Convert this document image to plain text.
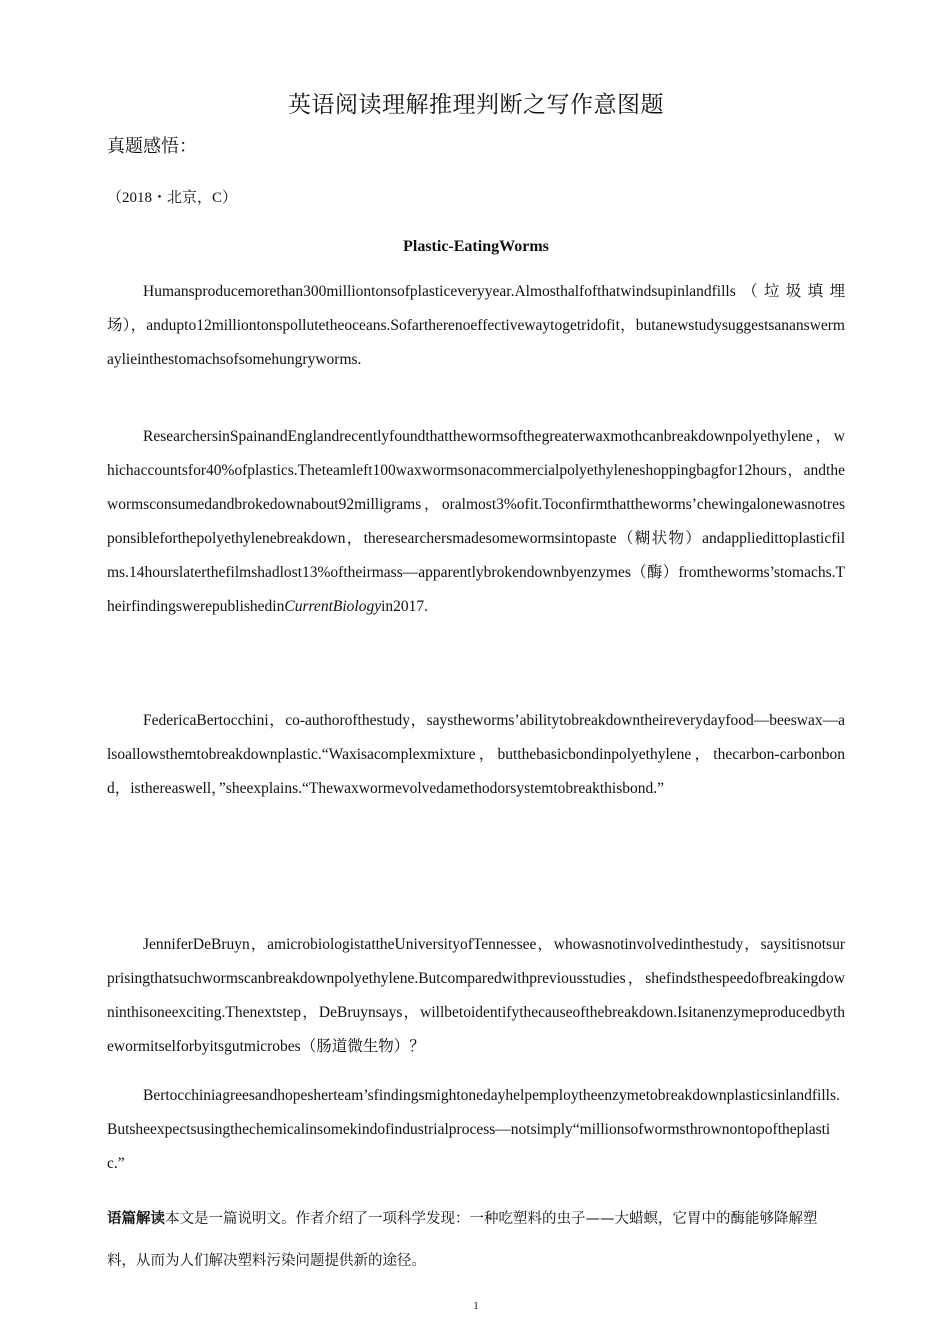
英语阅读理解推理判断之写作意图题
真题感悟：
（2018・北京，C）
Plastic-EatingWorms
Humansproducemorethan300milliontonsofplasticeveryyear.Almosthalfofthatwindsupinlandfills（垃圾填埋场），andupto12milliontonspollutetheoceans.Sofartherenoeffectivewaytogetridofit，butanewstudysuggestsananswermaylieinthestomachsofsomehungryworms.
ResearchersinSpainandEnglandrecentlyfoundthatthewormsofthegreaterwaxmothcanbreakdownpolyethylene，whichaccountsfor40%ofplastics.Theteamleft100waxwormsonacommercialpolyethyleneshoppingbagfor12hours，andthewormsconsumedandbrokedownabout92milligrams，oralmost3%ofit.Toconfirmthattheworms’chewingalonewasnotresponsibleforthepolyethylenebreakdown，theresearchersmadesomewormsintopaste（糊状物）andappliedittoplasticfilms.14hourslaterthefilmshadlost13%oftheirmass—apparentlybrokendownbyenzymes（酶）fromtheworms’stomachs.TheirfindingswerepublishedinCurrentBiologyin2017.
FedericaBertocchini，co-authorofthestudy，saystheworms’abilitytobreakdowntheireverydayfood—beeswax—alsoallowsthemtobreakdownplastic.“Waxisacomplexmixture，butthebasicbondinpolyethylene，thecarbon-carbonbond，isthereaswell，”sheexplains.“Thewaxwormevolvedamethodorsystemtobreakthisbond.”
JenniferDeBruyn，amicrobiologistattheUniversityofTennessee，whowasnotinvolvedinthestudy，saysitisnotsurprisingthatsuchwormscanbreakdownpolyethylene.Butcomparedwithpreviousstudies，shefindsthespeedofbreakingdowninthisoneexciting.Thenextstep，DeBruynsays，willbetoidentifythecauseofthebreakdown.Isitanenzymeproducedbythewormitselforbyitsgutmicrobes（肠道微生物）？
Bertocchiniagreesandhopesherteam’sfindingsmightonedayhelpemploytheenzymetobreakdownplasticsinlandfills.Butsheexpectsusingthechemicalinsomekindofindustrialprocess—notsimply“millionsofwormsthrownontopoftheplastic.”
语篇解读本文是一篇说明文。作者介绍了一项科学发现：一种吃塑料的虫子——大蜡螟，它胃中的酶能够降解塑料，从而为人们解决塑料污染问题提供新的途径。
1
